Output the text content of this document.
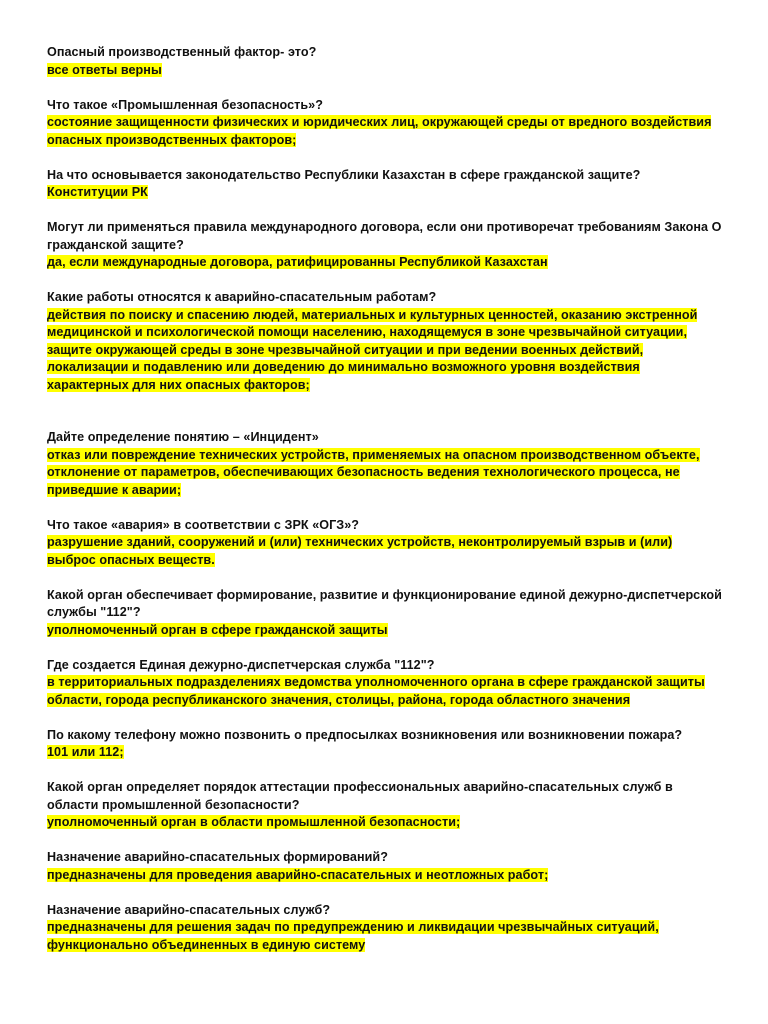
Опасный производственный фактор- это?

все ответы верны

Что такое «Промышленная безопасность»?

состояние защищенности физических и юридических лиц, окружающей среды от вредного воздействия опасных производственных факторов;

На что основывается законодательство Республики Казахстан в сфере гражданской защите?

Конституции РК

Могут ли применяться правила международного договора, если они противоречат требованиям Закона О гражданской защите?

да, если международные договора, ратифицированны Республикой Казахстан

Какие работы относятся к аварийно-спасательным работам?

действия по поиску и спасению людей, материальных и культурных ценностей, оказанию экстренной медицинской и психологической помощи населению, находящемуся в зоне чрезвычайной ситуации, защите окружающей среды в зоне чрезвычайной ситуации и при ведении военных действий, локализации и подавлению или доведению до минимально возможного уровня воздействия характерных для них опасных факторов;

Дайте определение понятию – «Инцидент»

отказ или повреждение технических устройств, применяемых на опасном производственном объекте, отклонение от параметров, обеспечивающих безопасность ведения технологического процесса, не приведшие к аварии;

Что такое «авария» в соответствии с ЗРК «ОГЗ»?

разрушение зданий, сооружений и (или) технических устройств, неконтролируемый взрыв и (или) выброс опасных веществ.

Какой орган обеспечивает формирование, развитие и функционирование единой дежурно-диспетчерской службы "112"?

уполномоченный орган в сфере гражданской защиты

Где создается Единая дежурно-диспетчерская служба "112"?

в территориальных подразделениях ведомства уполномоченного органа в сфере гражданской защиты области, города республиканского значения, столицы, района, города областного значения

По какому телефону можно позвонить о предпосылках возникновения или возникновении пожара?

101 или 112;

Какой орган определяет порядок аттестации профессиональных аварийно-спасательных служб в области промышленной безопасности?

уполномоченный орган в области промышленной безопасности;

Назначение аварийно-спасательных формирований?

предназначены для проведения аварийно-спасательных и неотложных работ;

Назначение аварийно-спасательных служб?

предназначены для решения задач по предупреждению и ликвидации чрезвычайных ситуаций, функционально объединенных в единую систему
